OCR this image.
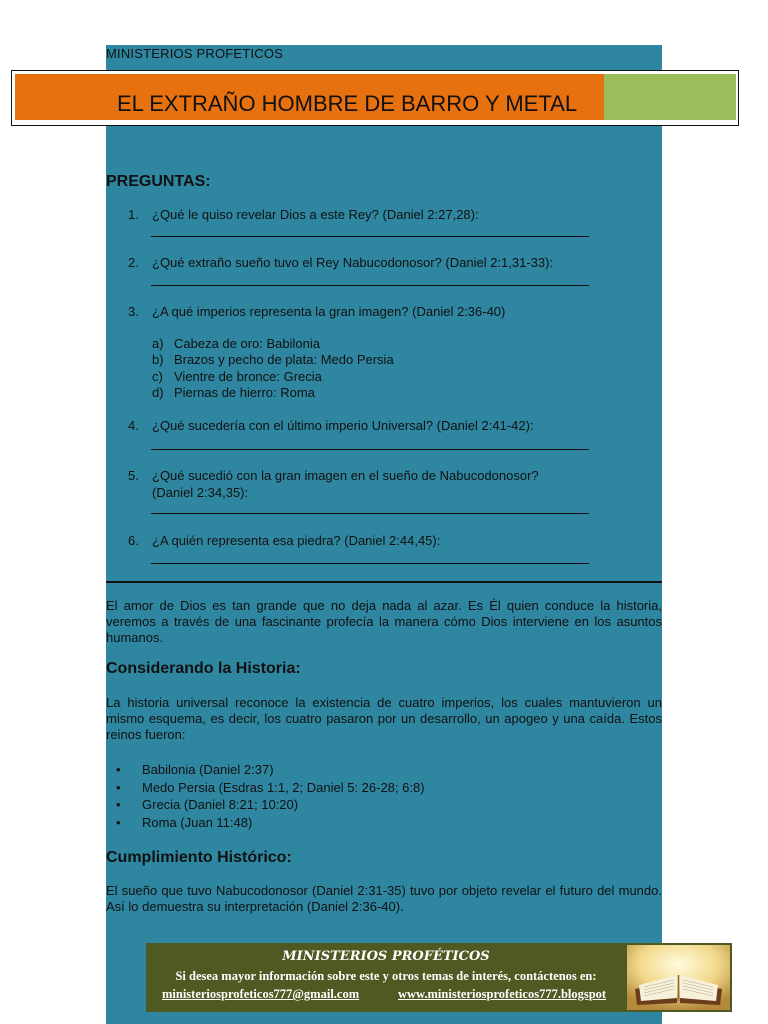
MINISTERIOS PROFETICOS
EL EXTRAÑO HOMBRE DE BARRO Y METAL
PREGUNTAS:
1. ¿Qué le quiso revelar Dios a este Rey? (Daniel 2:27,28):
2. ¿Qué extraño sueño tuvo el Rey Nabucodonosor? (Daniel 2:1,31-33):
3. ¿A qué imperios representa la gran imagen? (Daniel 2:36-40)
a) Cabeza de oro: Babilonia
b) Brazos y pecho de plata: Medo Persia
c) Vientre de bronce: Grecia
d) Piernas de hierro: Roma
4. ¿Qué sucedería con el último imperio Universal? (Daniel 2:41-42):
5. ¿Qué sucedió con la gran imagen en el sueño de Nabucodonosor?
(Daniel 2:34,35):
6. ¿A quién representa esa piedra? (Daniel 2:44,45):
El amor de Dios es tan grande que no deja nada al azar. Es Él quien conduce la historia, veremos a través de una fascinante profecía la manera cómo Dios interviene en los asuntos humanos.
Considerando la Historia:
La historia universal reconoce la existencia de cuatro imperios, los cuales mantuvieron un mismo esquema, es decir, los cuatro pasaron por un desarrollo, un apogeo y una caída. Estos reinos fueron:
• Babilonia (Daniel 2:37)
• Medo Persia (Esdras 1:1, 2; Daniel 5: 26-28; 6:8)
• Grecia (Daniel 8:21; 10:20)
• Roma (Juan 11:48)
Cumplimiento Histórico:
El sueño que tuvo Nabucodonosor (Daniel 2:31-35) tuvo por objeto revelar el futuro del mundo. Así lo demuestra su interpretación (Daniel 2:36-40).
MINISTERIOS PROFÉTICOS
Si desea mayor información sobre este y otros temas de interés, contáctenos en:
ministeriosprofeticos777@gmail.com	www.ministeriosprofeticos777.blogspot
